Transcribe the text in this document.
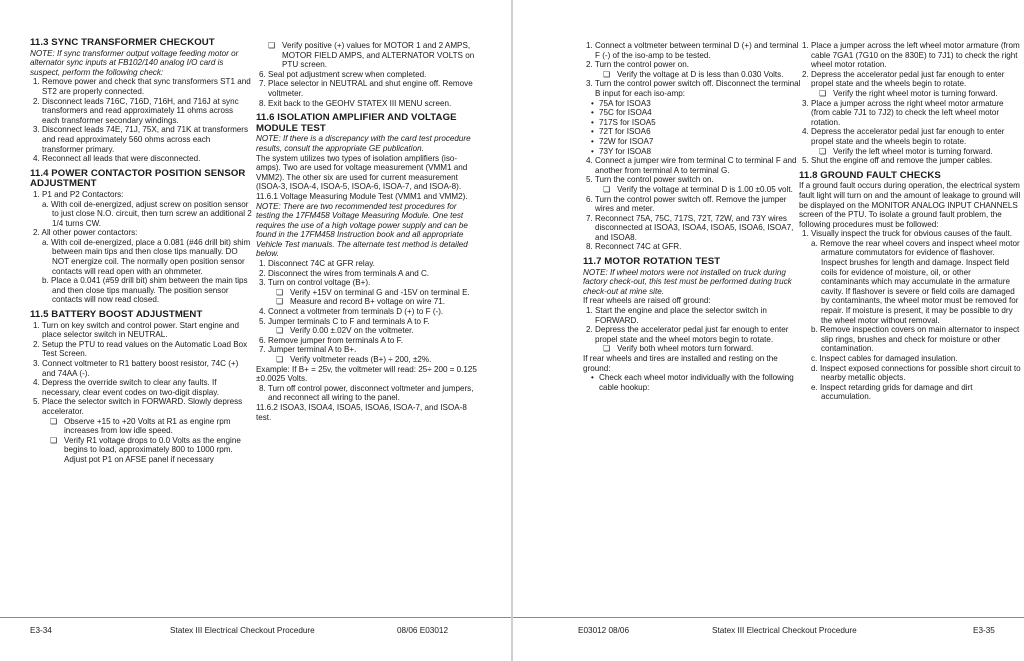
11.3 SYNC TRANSFORMER CHECKOUT
NOTE: If sync transformer output voltage feeding motor or alternator sync inputs at FB102/140 analog I/O card is suspect, perform the following check:
1. Remove power and check that sync transformers ST1 and ST2 are properly connected.
2. Disconnect leads 716C, 716D, 716H, and 716J at sync transformers and read approximately 11 ohms across each transformer secondary windings.
3. Disconnect leads 74E, 71J, 75X, and 71K at transformers and read approximately 560 ohms across each transformer primary.
4. Reconnect all leads that were disconnected.
11.4 POWER CONTACTOR POSITION SENSOR ADJUSTMENT
1. P1 and P2 Contactors:
a. With coil de-energized, adjust screw on position sensor to just close N.O. circuit, then turn screw an additional 2 1/4 turns CW.
2. All other power contactors:
a. With coil de-energized, place a 0.081 (#46 drill bit) shim between main tips and then close tips manually. DO NOT energize coil. The normally open position sensor contacts will read open with an ohmmeter.
b. Place a 0.041 (#59 drill bit) shim between the main tips and then close tips manually. The position sensor contacts will now read closed.
11.5 BATTERY BOOST ADJUSTMENT
1. Turn on key switch and control power. Start engine and place selector switch in NEUTRAL.
2. Setup the PTU to read values on the Automatic Load Box Test Screen.
3. Connect voltmeter to R1 battery boost resistor, 74C (+) and 74AA (-).
4. Depress the override switch to clear any faults. If necessary, clear event codes on two-digit display.
5. Place the selector switch in FORWARD. Slowly depress accelerator.
❏ Observe +15 to +20 Volts at R1 as engine rpm increases from low idle speed.
❏ Verify R1 voltage drops to 0.0 Volts as the engine begins to load, approximately 800 to 1000 rpm. Adjust pot P1 on AFSE panel if necessary
❏ Verify positive (+) values for MOTOR 1 and 2 AMPS, MOTOR FIELD AMPS, and ALTERNATOR VOLTS on PTU screen.
6. Seal pot adjustment screw when completed.
7. Place selector in NEUTRAL and shut engine off. Remove voltmeter.
8. Exit back to the GEOHV STATEX III MENU screen.
11.6 ISOLATION AMPLIFIER AND VOLTAGE MODULE TEST
NOTE: If there is a discrepancy with the card test procedure results, consult the appropriate GE publication.
The system utilizes two types of isolation amplifiers (iso-amps). Two are used for voltage measurement (VMM1 and VMM2). The other six are used for current measurement (ISOA-3, ISOA-4, ISOA-5, ISOA-6, ISOA-7, and ISOA-8).
11.6.1 Voltage Measuring Module Test (VMM1 and VMM2).
NOTE: There are two recommended test procedures for testing the 17FM458 Voltage Measuring Module. One test requires the use of a high voltage power supply and can be found in the 17FM458 Instruction book and all appropriate Vehicle Test manuals. The alternate test method is detailed below.
1. Disconnect 74C at GFR relay.
2. Disconnect the wires from terminals A and C.
3. Turn on control voltage (B+).
❏ Verify +15V on terminal G and -15V on terminal E.
❏ Measure and record B+ voltage on wire 71.
4. Connect a voltmeter from terminals D (+) to F (-).
5. Jumper terminals C to F and terminals A to F.
❏ Verify 0.00 ±.02V on the voltmeter.
6. Remove jumper from terminals A to F.
7. Jumper terminal A to B+.
❏ Verify voltmeter reads (B+) ÷ 200, ±2%.
Example: If B+ = 25v, the voltmeter will read: 25÷ 200 = 0.125 ±0.0025 Volts.
8. Turn off control power, disconnect voltmeter and jumpers, and reconnect all wiring to the panel.
11.6.2 ISOA3, ISOA4, ISOA5, ISOA6, ISOA-7, and ISOA-8 test.
E3-34	Statex III Electrical Checkout Procedure	08/06 E03012
1. Connect a voltmeter between terminal D (+) and terminal F (-) of the iso-amp to be tested.
2. Turn the control power on.
❏ Verify the voltage at D is less than 0.030 Volts.
3. Turn the control power switch off. Disconnect the terminal B input for each iso-amp:
• 75A for ISOA3
• 75C for ISOA4
• 717S for ISOA5
• 72T for ISOA6
• 72W for ISOA7
• 73Y for ISOA8
4. Connect a jumper wire from terminal C to terminal F and another from terminal A to terminal G.
5. Turn the control power switch on.
❏ Verify the voltage at terminal D is 1.00 ±0.05 volt.
6. Turn the control power switch off. Remove the jumper wires and meter.
7. Reconnect 75A, 75C, 717S, 72T, 72W, and 73Y wires disconnected at ISOA3, ISOA4, ISOA5, ISOA6, ISOA7, and ISOA8.
8. Reconnect 74C at GFR.
11.7 MOTOR ROTATION TEST
NOTE: If wheel motors were not installed on truck during factory check-out, this test must be performed during truck check-out at mine site.
If rear wheels are raised off ground:
1. Start the engine and place the selector switch in FORWARD.
2. Depress the accelerator pedal just far enough to enter propel state and the wheel motors begin to rotate.
❏ Verify both wheel motors turn forward.
If rear wheels and tires are installed and resting on the ground:
• Check each wheel motor individually with the following cable hookup:
1. Place a jumper across the left wheel motor armature (from cable 7GA1 (7G10 on the 830E) to 7J1) to check the right wheel motor rotation.
2. Depress the accelerator pedal just far enough to enter propel state and the wheels begin to rotate.
❏ Verify the right wheel motor is turning forward.
3. Place a jumper across the right wheel motor armature (from cable 7J1 to 7J2) to check the left wheel motor rotation.
4. Depress the accelerator pedal just far enough to enter propel state and the wheels begin to rotate.
❏ Verify the left wheel motor is turning forward.
5. Shut the engine off and remove the jumper cables.
11.8 GROUND FAULT CHECKS
If a ground fault occurs during operation, the electrical system fault light will turn on and the amount of leakage to ground will be displayed on the MONITOR ANALOG INPUT CHANNELS screen of the PTU. To isolate a ground fault problem, the following procedures must be followed:
1. Visually inspect the truck for obvious causes of the fault.
a. Remove the rear wheel covers and inspect wheel motor armature commutators for evidence of flashover. Inspect brushes for length and damage. Inspect field coils for evidence of moisture, oil, or other contaminants which may accumulate in the armature cavity. If flashover is severe or field coils are damaged by contaminants, the wheel motor must be removed for repair. If moisture is present, it may be possible to dry the wheel motor without removal.
b. Remove inspection covers on main alternator to inspect slip rings, brushes and check for moisture or other contamination.
c. Inspect cables for damaged insulation.
d. Inspect exposed connections for possible short circuit to nearby metallic objects.
e. Inspect retarding grids for damage and dirt accumulation.
E03012 08/06	Statex III Electrical Checkout Procedure	E3-35
